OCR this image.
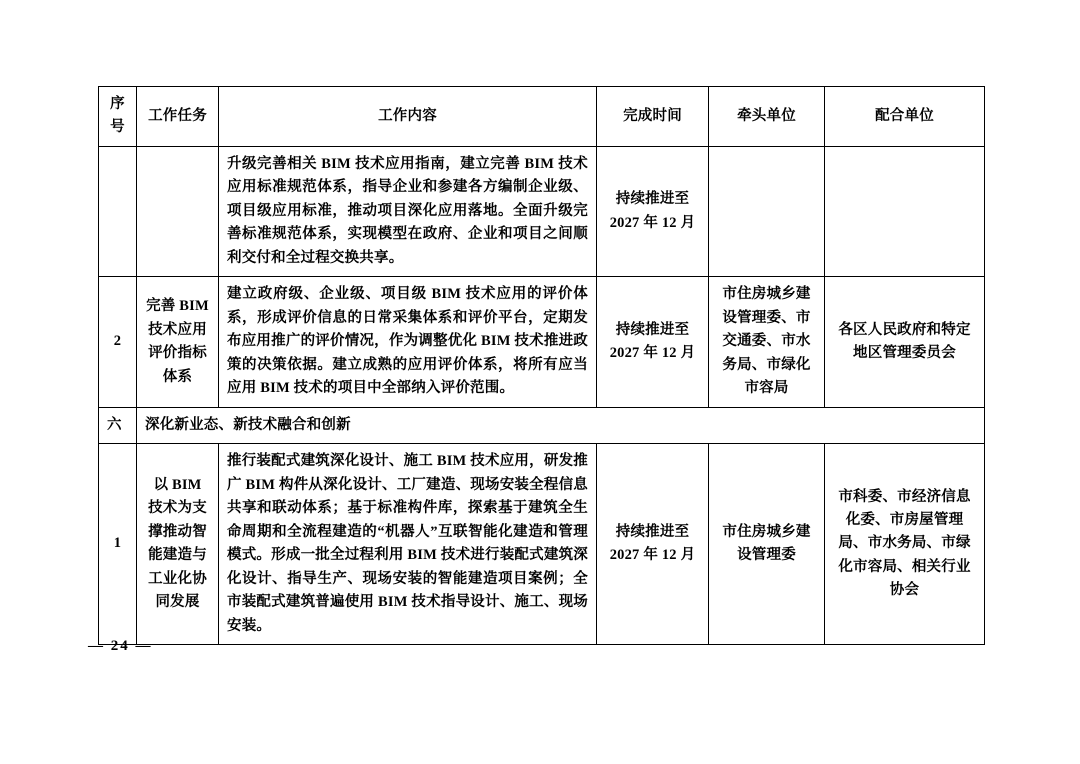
序号	工作任务	工作内容	完成时间	牵头单位	配合单位
		升级完善相关 BIM 技术应用指南，建立完善 BIM 技术应用标准规范体系，指导企业和参建各方编制企业级、项目级应用标准，推动项目深化应用落地。全面升级完善标准规范体系，实现模型在政府、企业和项目之间顺利交付和全过程交换共享。	持续推进至2027 年 12 月		
2	完善 BIM 技术应用评价指标体系	建立政府级、企业级、项目级 BIM 技术应用的评价体系，形成评价信息的日常采集体系和评价平台，定期发布应用推广的评价情况，作为调整优化 BIM 技术推进政策的决策依据。建立成熟的应用评价体系，将所有应当应用 BIM 技术的项目中全部纳入评价范围。	持续推进至2027 年 12 月	市住房城乡建设管理委、市交通委、市水务局、市绿化市容局	各区人民政府和特定地区管理委员会
六	深化新业态、新技术融合和创新				
1	以 BIM 技术为支撑推动智能建造与工业化协同发展	推行装配式建筑深化设计、施工 BIM 技术应用，研发推广 BIM 构件从深化设计、工厂建造、现场安装全程信息共享和联动体系；基于标准构件库，探索基于建筑全生命周期和全流程建造的“机器人”互联智能化建造和管理模式。形成一批全过程利用 BIM 技术进行装配式建筑深化设计、指导生产、现场安装的智能建造项目案例；全市装配式建筑普遍使用 BIM 技术指导设计、施工、现场安装。	持续推进至2027 年 12 月	市住房城乡建设管理委	市科委、市经济信息化委、市房屋管理局、市水务局、市绿化市容局、相关行业协会
— 24 —
